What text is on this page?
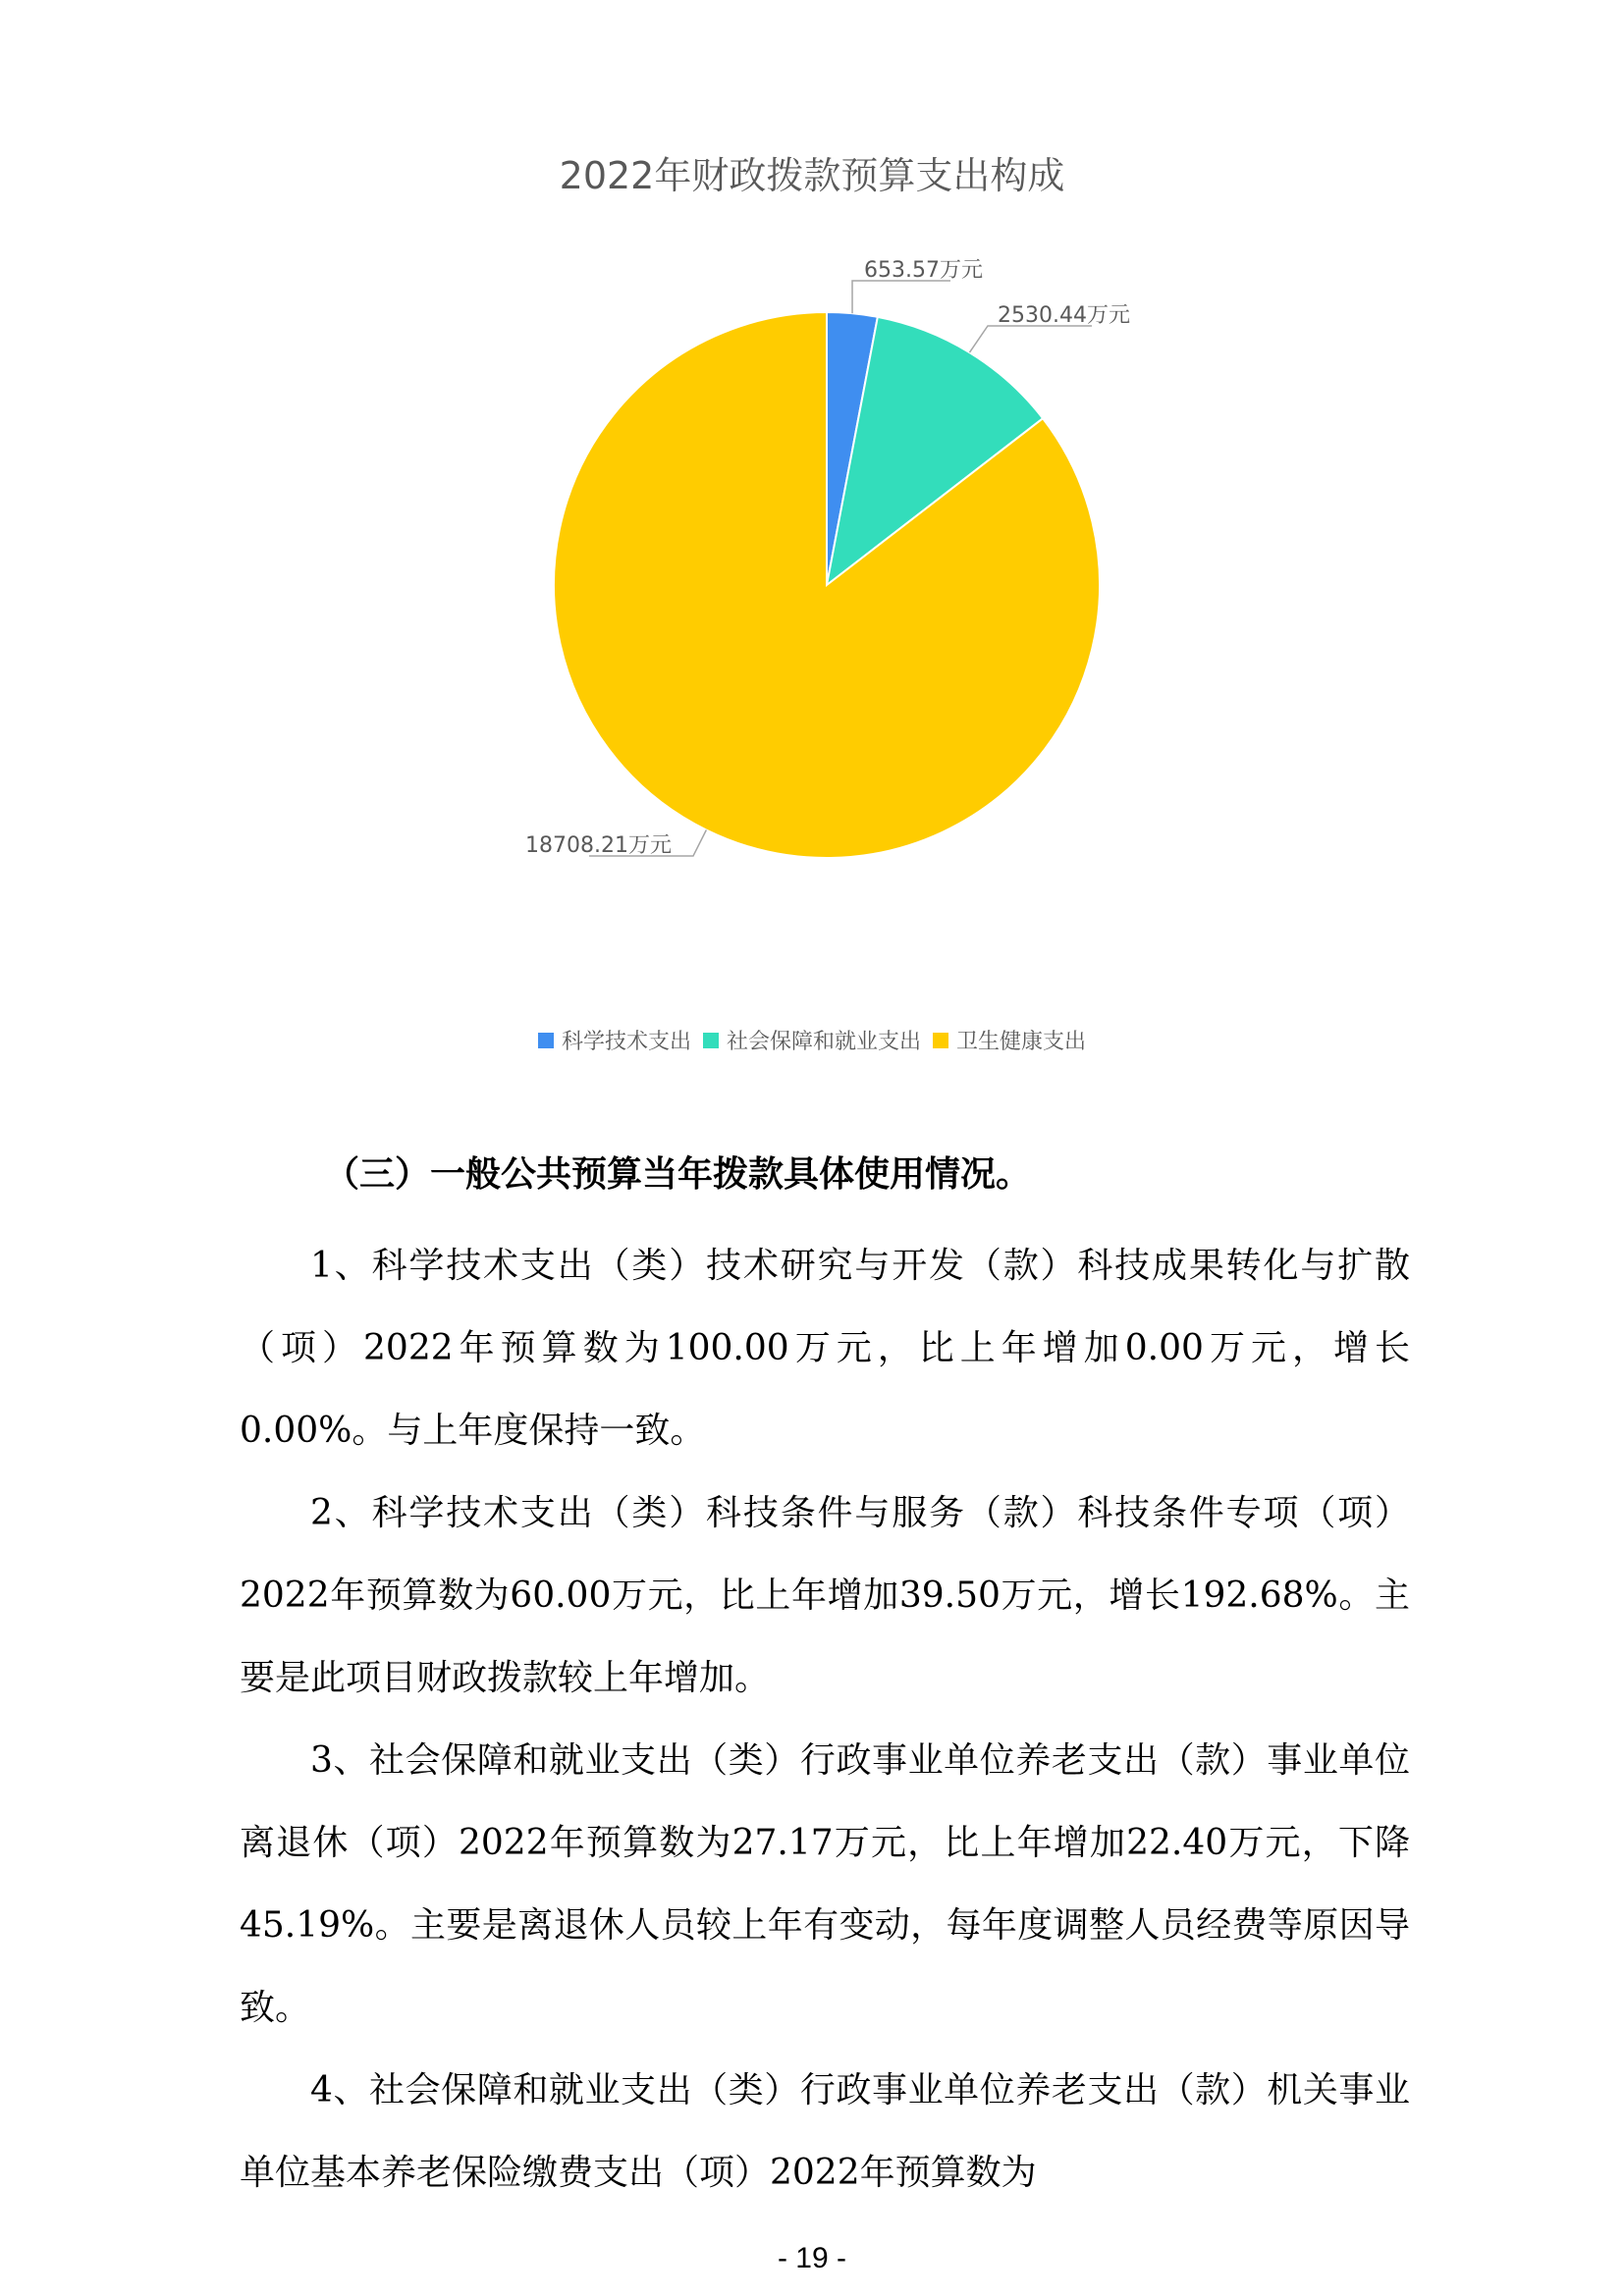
2022年财政拨款预算支出构成
653.57万元
2530.44万元
18708.21万元
科学技术支出 社会保障和就业支出 卫生健康支出
（三）一般公共预算当年拨款具体使用情况。

1、科学技术支出（类）技术研究与开发（款）科技成果转化与扩散（项）2022年预算数为100.00万元，比上年增加0.00万元，增长0.00%。与上年度保持一致。

2、科学技术支出（类）科技条件与服务（款）科技条件专项（项）2022年预算数为60.00万元，比上年增加39.50万元，增长192.68%。主要是此项目财政拨款较上年增加。

3、社会保障和就业支出（类）行政事业单位养老支出（款）事业单位离退休（项）2022年预算数为27.17万元，比上年增加22.40万元，下降45.19%。主要是离退休人员较上年有变动，每年度调整人员经费等原因导致。

4、社会保障和就业支出（类）行政事业单位养老支出（款）机关事业单位基本养老保险缴费支出（项）2022年预算数为

- 19 -
